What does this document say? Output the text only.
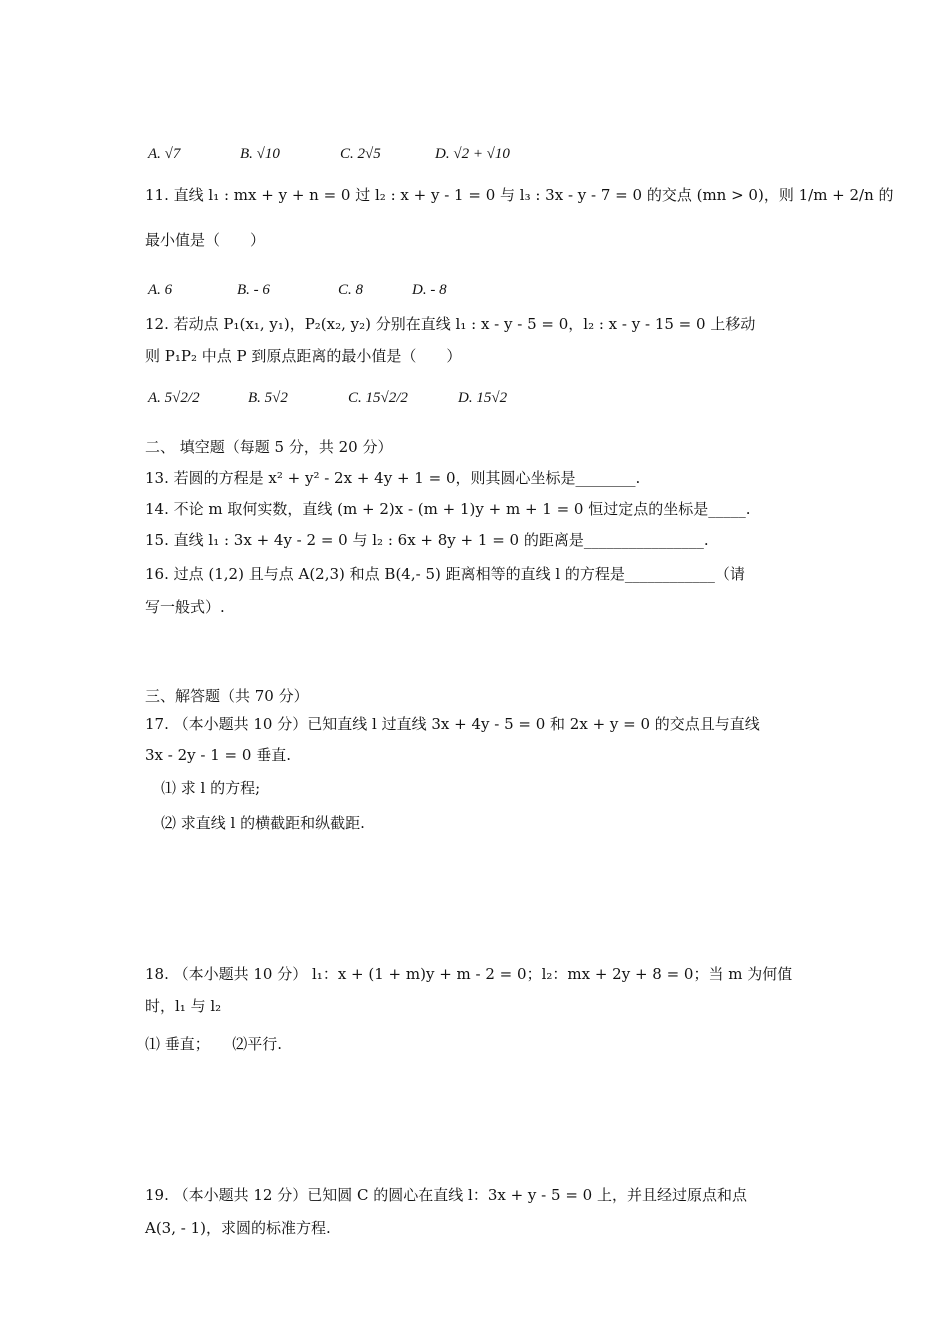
A. √7	B. √10	C. 2√5	D. √2 + √10
11. 直线 l₁ : mx + y + n = 0 过 l₂ : x + y - 1 = 0 与 l₃ : 3x - y - 7 = 0 的交点 (mn > 0)，则 1/m + 2/n 的
最小值是（　　）
A. 6	B. - 6	C. 8	D. - 8
12. 若动点 P₁(x₁, y₁)，P₂(x₂, y₂) 分别在直线 l₁ : x - y - 5 = 0，l₂ : x - y - 15 = 0 上移动
则 P₁P₂ 中点 P 到原点距离的最小值是（　　）
A. 5√2/2	B. 5√2	C. 15√2/2	D. 15√2
二、 填空题（每题 5 分，共 20 分）
13. 若圆的方程是 x² + y² - 2x + 4y + 1 = 0，则其圆心坐标是________.
14. 不论 m 取何实数，直线 (m + 2)x - (m + 1)y + m + 1 = 0 恒过定点的坐标是_____.
15. 直线 l₁ : 3x + 4y - 2 = 0 与 l₂ : 6x + 8y + 1 = 0 的距离是________________.
16. 过点 (1,2) 且与点 A(2,3) 和点 B(4,- 5) 距离相等的直线 l 的方程是____________（请
写一般式）.
三、解答题（共 70 分）
17. （本小题共 10 分）已知直线 l 过直线 3x + 4y - 5 = 0 和 2x + y = 0 的交点且与直线
3x - 2y - 1 = 0 垂直.
⑴ 求 l 的方程;
⑵ 求直线 l 的横截距和纵截距.
18. （本小题共 10 分） l₁：x + (1 + m)y + m - 2 = 0；l₂：mx + 2y + 8 = 0；当 m 为何值
时，l₁ 与 l₂
⑴ 垂直；　　⑵平行.
19. （本小题共 12 分）已知圆 C 的圆心在直线 l：3x + y - 5 = 0 上，并且经过原点和点
A(3, - 1)，求圆的标准方程.
